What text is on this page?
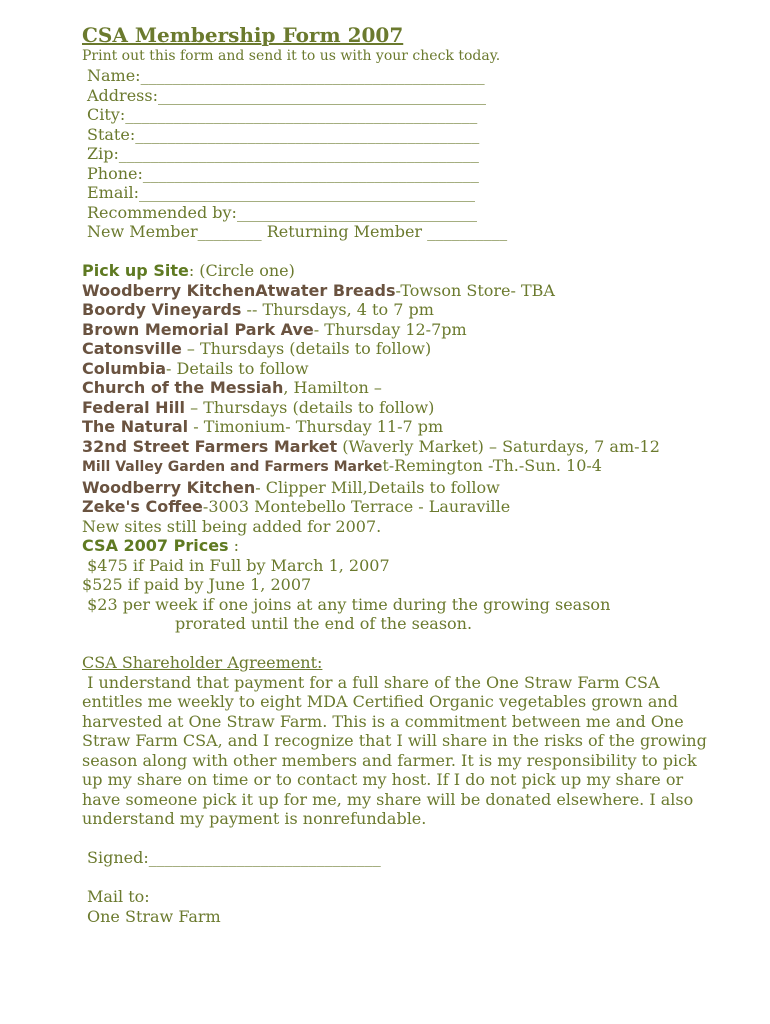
CSA Membership Form 2007
Print out this form and send it to us with your check today.
Name:___________________________________________
Address:_________________________________________
City:____________________________________________
State:___________________________________________
Zip:_____________________________________________
Phone:__________________________________________
Email:__________________________________________
Recommended by:______________________________
New Member________ Returning Member __________
Pick up Site: (Circle one)
Woodberry KitchenAtwater Breads-Towson Store- TBA
Boordy Vineyards -- Thursdays, 4 to 7 pm
Brown Memorial Park Ave- Thursday 12-7pm
Catonsville – Thursdays (details to follow)
Columbia- Details to follow
Church of the Messiah, Hamilton –
Federal Hill – Thursdays (details to follow)
The Natural - Timonium- Thursday 11-7 pm
32nd Street Farmers Market (Waverly Market) – Saturdays, 7 am-12
Mill Valley Garden and Farmers Market-Remington -Th.-Sun. 10-4
Woodberry Kitchen- Clipper Mill,Details to follow
Zeke's Coffee-3003 Montebello Terrace - Lauraville
New sites still being added for 2007.
CSA 2007 Prices :
$475 if Paid in Full by March 1, 2007
$525 if paid by June 1, 2007
$23 per week if one joins at any time during the growing season
prorated until the end of the season.
CSA Shareholder Agreement:
I understand that payment for a full share of the One Straw Farm CSA entitles me weekly to eight MDA Certified Organic vegetables grown and harvested at One Straw Farm. This is a commitment between me and One Straw Farm CSA, and I recognize that I will share in the risks of the growing season along with other members and farmer. It is my responsibility to pick up my share on time or to contact my host. If I do not pick up my share or have someone pick it up for me, my share will be donated elsewhere. I also understand my payment is nonrefundable.
Signed:_____________________________
Mail to:
One Straw Farm
